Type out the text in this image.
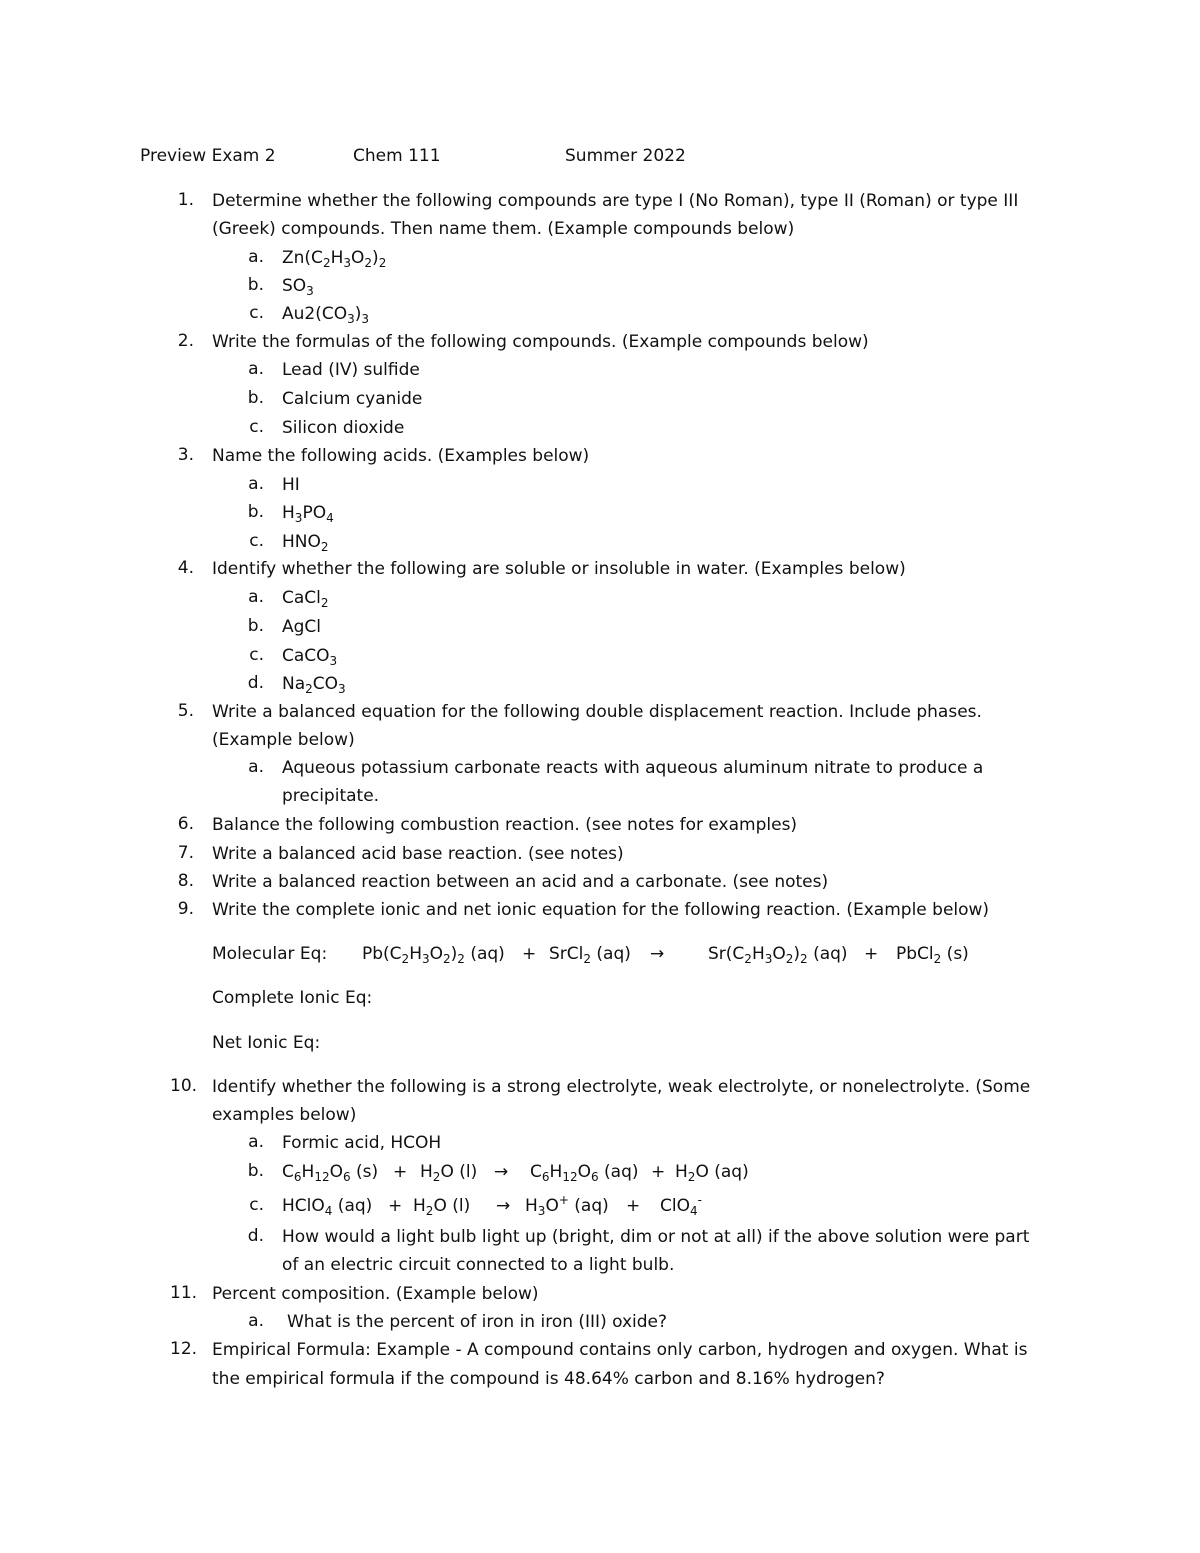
Preview Exam 2	Chem 111	Summer 2022
1. Determine whether the following compounds are type I (No Roman), type II (Roman) or type III
(Greek) compounds. Then name them. (Example compounds below)
a. $Zn(C_2H_3O_2)_2$
b. $SO_3$
c. $Au2(CO_3)_3$
2. Write the formulas of the following compounds. (Example compounds below)
a. Lead (IV) sulfide
b. Calcium cyanide
c. Silicon dioxide
3. Name the following acids. (Examples below)
a. HI
b. $H_3PO_4$
c. $HNO_2$
4. Identify whether the following are soluble or insoluble in water. (Examples below)
a. CaCl$_2$
b. AgCl
c. CaCO$_3$
d. $Na_2CO_3$
5. Write a balanced equation for the following double displacement reaction. Include phases.
(Example below)
a. Aqueous potassium carbonate reacts with aqueous aluminum nitrate to produce a
precipitate.
6. Balance the following combustion reaction. (see notes for examples)
7. Write a balanced acid base reaction. (see notes)
8. Write a balanced reaction between an acid and a carbonate. (see notes)
9. Write the complete ionic and net ionic equation for the following reaction. (Example below)
Molecular Eq: $Pb(C_2H_3O_2)_2$ (aq) + SrCl$_2$ (aq) →	$Sr(C_2H_3O_2)_2$ (aq) + PbCl$_2$ (s)
Complete Ionic Eq:
Net Ionic Eq:
10. Identify whether the following is a strong electrolyte, weak electrolyte, or nonelectrolyte. (Some
examples below)
a. Formic acid, HCOH
b. $C_6H_{12}O_6$ $(s) + H_2O$ $(l) \to C_6H_{12}O_6$ $(aq) + H_2O$ (aq)
c. HClO$_4$ $(aq) + H_2O$ $(l) \to H_3O^+$ (aq) + ClO$_4$-
d. How would a light bulb light up (bright, dim or not at all) if the above solution were part
of an electric circuit connected to a light bulb.
11. Percent composition. (Example below)
a. What is the percent of iron in iron (III) oxide?
12. Empirical Formula: Example - A compound contains only carbon, hydrogen and oxygen. What is
the empirical formula if the compound is 48.64% carbon and 8.16% hydrogen?
